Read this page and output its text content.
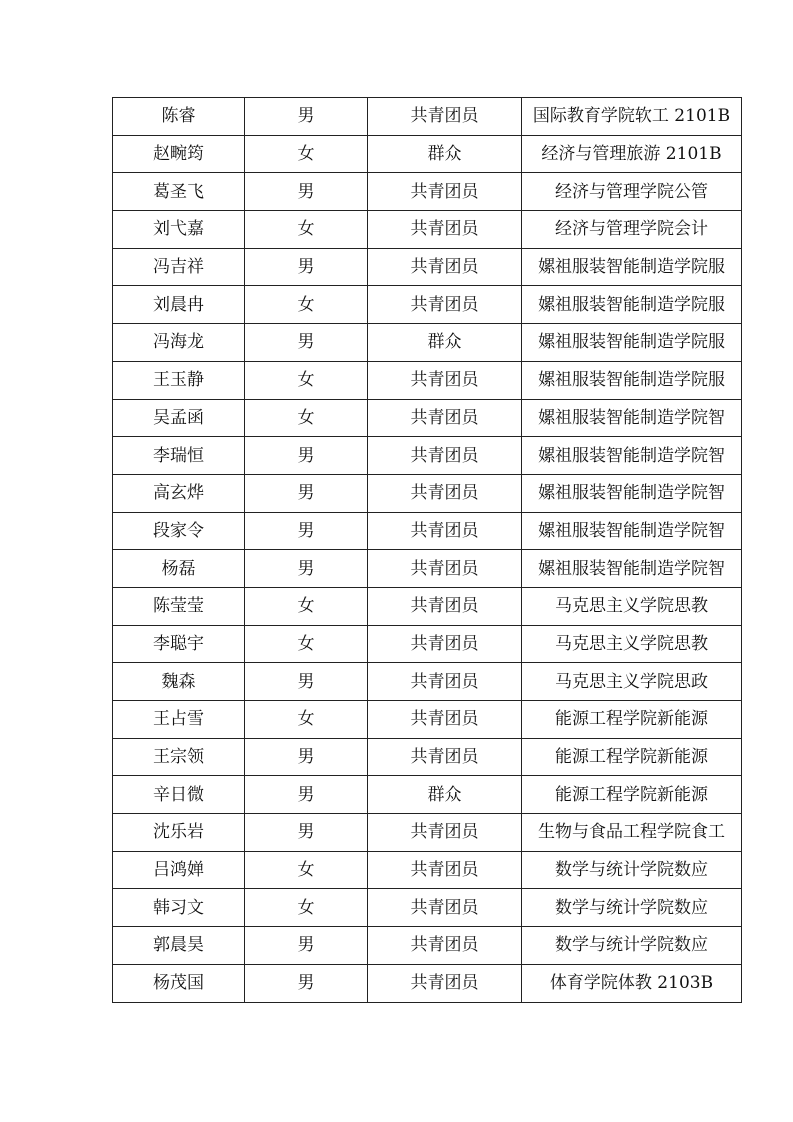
陈睿	男	共青团员	国际教育学院软工 2101B
赵畹筠	女	群众	经济与管理旅游 2101B
葛圣飞	男	共青团员	经济与管理学院公管
刘弋嘉	女	共青团员	经济与管理学院会计
冯吉祥	男	共青团员	嫘祖服装智能制造学院服
刘晨冉	女	共青团员	嫘祖服装智能制造学院服
冯海龙	男	群众	嫘祖服装智能制造学院服
王玉静	女	共青团员	嫘祖服装智能制造学院服
吴孟函	女	共青团员	嫘祖服装智能制造学院智
李瑞恒	男	共青团员	嫘祖服装智能制造学院智
高玄烨	男	共青团员	嫘祖服装智能制造学院智
段家令	男	共青团员	嫘祖服装智能制造学院智
杨磊	男	共青团员	嫘祖服装智能制造学院智
陈莹莹	女	共青团员	马克思主义学院思教
李聪宇	女	共青团员	马克思主义学院思教
魏森	男	共青团员	马克思主义学院思政
王占雪	女	共青团员	能源工程学院新能源
王宗领	男	共青团员	能源工程学院新能源
辛日微	男	群众	能源工程学院新能源
沈乐岩	男	共青团员	生物与食品工程学院食工
吕鸿婵	女	共青团员	数学与统计学院数应
韩习文	女	共青团员	数学与统计学院数应
郭晨昊	男	共青团员	数学与统计学院数应
杨茂国	男	共青团员	体育学院体教 2103B
